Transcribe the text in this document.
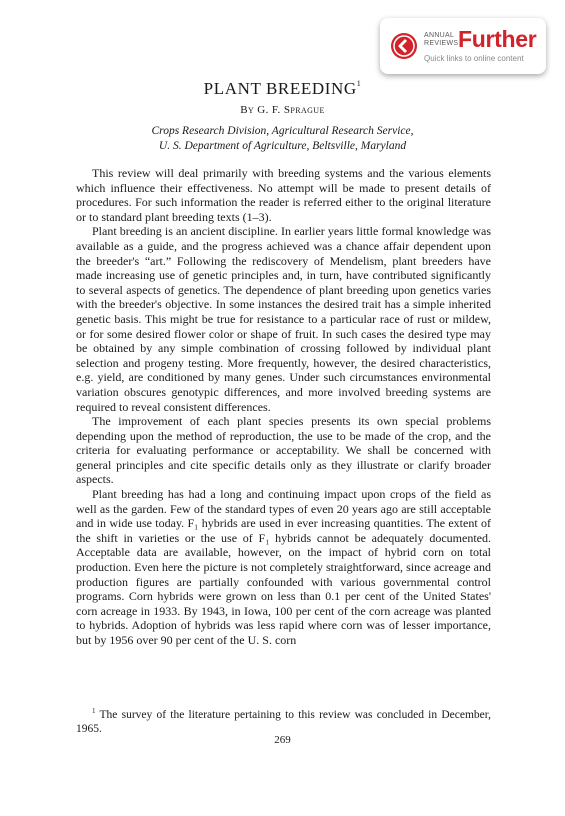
ANNUAL
REVIEWS Further
Quick links to online content
PLANT BREEDING$^1$
By G. F. Sprague
Crops Research Division, Agricultural Research Service,
U. S. Department of Agriculture, Beltsville, Maryland

This review will deal primarily with breeding systems and the various elements which influence their effectiveness. No attempt will be made to present details of procedures. For such information the reader is referred either to the original literature or to standard plant breeding texts (1–3).

Plant breeding is an ancient discipline. In earlier years little formal knowledge was available as a guide, and the progress achieved was a chance affair dependent upon the breeder's “art.” Following the rediscovery of Mendelism, plant breeders have made increasing use of genetic principles and, in turn, have contributed significantly to several aspects of genetics. The dependence of plant breeding upon genetics varies with the breeder's objective. In some instances the desired trait has a simple inherited genetic basis. This might be true for resistance to a particular race of rust or mildew, or for some desired flower color or shape of fruit. In such cases the desired type may be obtained by any simple combination of crossing followed by individual plant selection and progeny testing. More frequently, however, the desired characteristics, e.g. yield, are conditioned by many genes. Under such circumstances environmental variation obscures genotypic differences, and more involved breeding systems are required to reveal consistent differences.

The improvement of each plant species presents its own special problems depending upon the method of reproduction, the use to be made of the crop, and the criteria for evaluating performance or acceptability. We shall be concerned with general principles and cite specific details only as they illustrate or clarify broader aspects.

Plant breeding has had a long and continuing impact upon crops of the field as well as the garden. Few of the standard types of even 20 years ago are still acceptable and in wide use today. F₁ hybrids are used in ever increasing quantities. The extent of the shift in varieties or the use of F₁ hybrids cannot be adequately documented. Acceptable data are available, however, on the impact of hybrid corn on total production. Even here the picture is not completely straightforward, since acreage and production figures are partially confounded with various governmental control programs. Corn hybrids were grown on less than 0.1 per cent of the United States' corn acreage in 1933. By 1943, in Iowa, 100 per cent of the corn acreage was planted to hybrids. Adoption of hybrids was less rapid where corn was of lesser importance, but by 1956 over 90 per cent of the U. S. corn

$^1$ The survey of the literature pertaining to this review was concluded in December, 1965.
269
